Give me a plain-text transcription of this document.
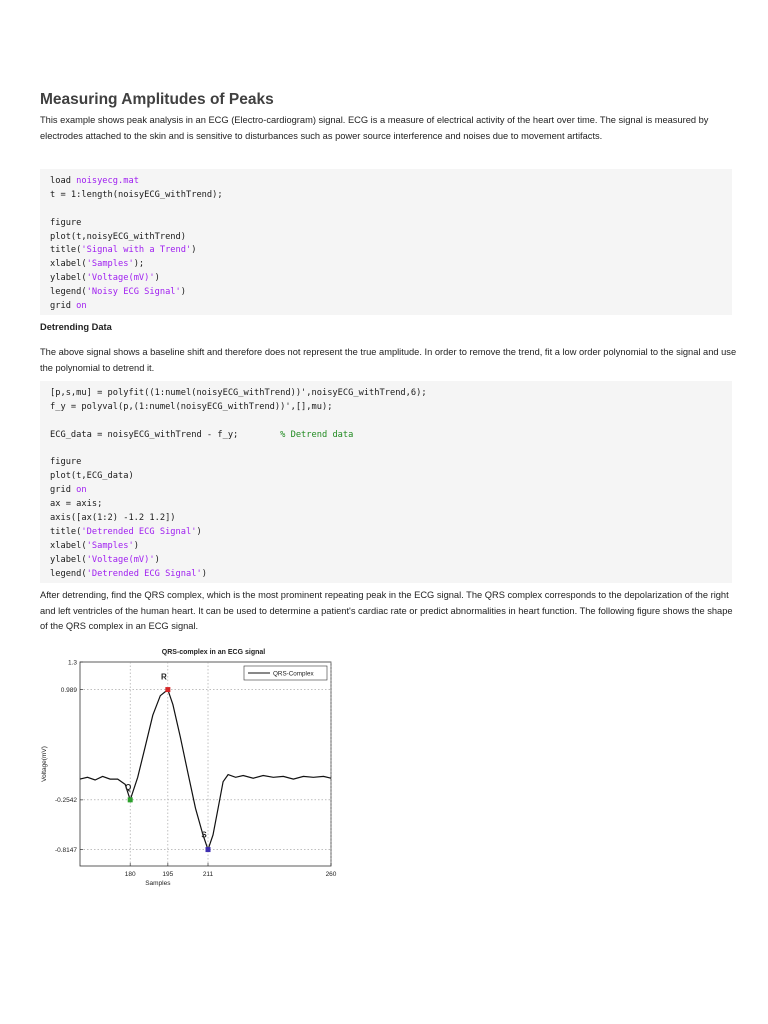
Measuring Amplitudes of Peaks

This example shows peak analysis in an ECG (Electro-cardiogram) signal. ECG is a measure of electrical activity of the heart over time. The signal is measured by electrodes attached to the skin and is sensitive to disturbances such as power source interference and noises due to movement artifacts.

load noisyecg.mat
t = 1:length(noisyECG_withTrend);
figure
plot(t,noisyECG_withTrend)
title('Signal with a Trend')
xlabel('Samples');
ylabel('Voltage(mV)')
legend('Noisy ECG Signal')
grid on
Detrending Data

The above signal shows a baseline shift and therefore does not represent the true amplitude. In order to remove the trend, fit a low order polynomial to the signal and use the polynomial to detrend it.

[p,s,mu] = polyfit((1:numel(noisyECG_withTrend))',noisyECG_withTrend,6);
f_y = polyval(p,(1:numel(noisyECG_withTrend))',[],mu);
ECG_data = noisyECG_withTrend - f_y;        % Detrend data
figure
plot(t,ECG_data)
grid on
ax = axis;
axis([ax(1:2) -1.2 1.2])
title('Detrended ECG Signal')
xlabel('Samples')
ylabel('Voltage(mV)')
legend('Detrended ECG Signal')

After detrending, find the QRS complex, which is the most prominent repeating peak in the ECG signal. The QRS complex corresponds to the depolarization of the right and left ventricles of the human heart. It can be used to determine a patient's cardiac rate or predict abnormalities in heart function. The following figure shows the shape of the QRS complex in an ECG signal.

180	195	211	260
1.3
0.989
-0.2542
-0.8147
QRS-complex in an ECG signal
Samples
Voltage(mV)
Q
R
S
QRS-Complex
